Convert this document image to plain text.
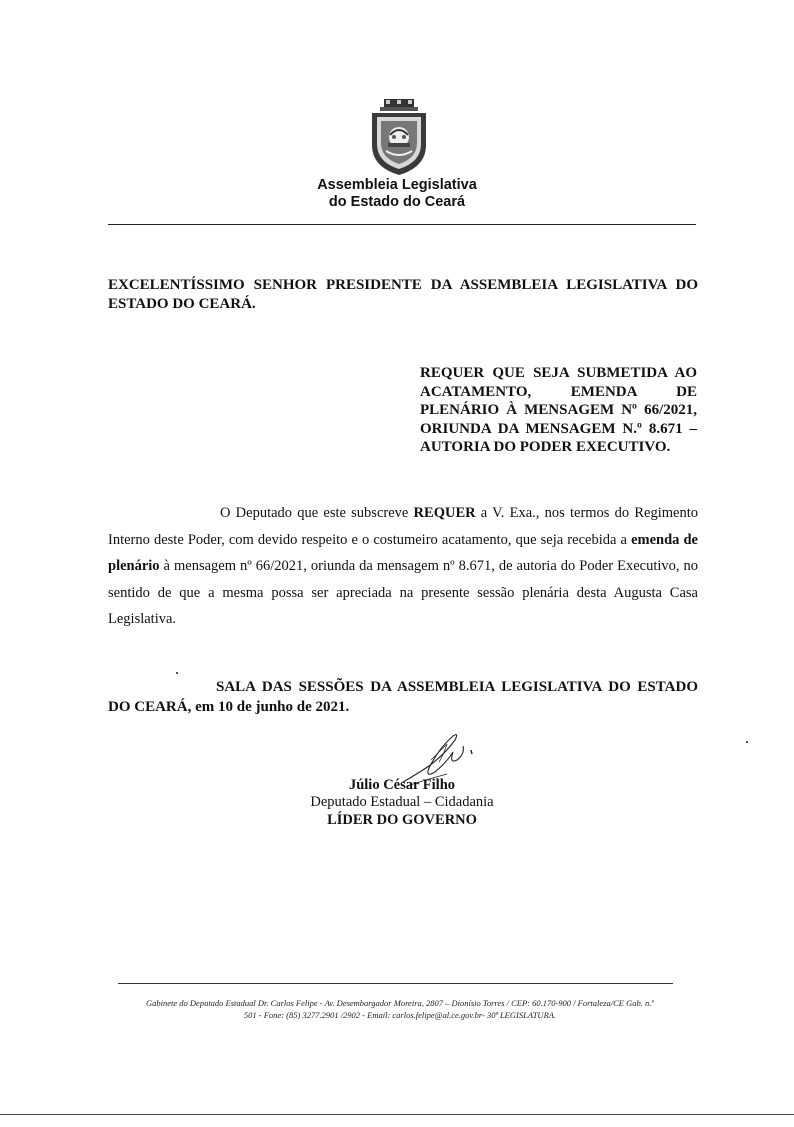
Assembleia Legislativa
do Estado do Ceará
EXCELENTÍSSIMO SENHOR PRESIDENTE DA ASSEMBLEIA LEGISLATIVA DO ESTADO DO CEARÁ.
REQUER QUE SEJA SUBMETIDA AO ACATAMENTO, EMENDA DE PLENÁRIO À MENSAGEM Nº 66/2021, ORIUNDA DA MENSAGEM N.º 8.671 – AUTORIA DO PODER EXECUTIVO.
O Deputado que este subscreve REQUER a V. Exa., nos termos do Regimento Interno deste Poder, com devido respeito e o costumeiro acatamento, que seja recebida a emenda de plenário à mensagem nº 66/2021, oriunda da mensagem nº 8.671, de autoria do Poder Executivo, no sentido de que a mesma possa ser apreciada na presente sessão plenária desta Augusta Casa Legislativa.
SALA DAS SESSÕES DA ASSEMBLEIA LEGISLATIVA DO ESTADO DO CEARÁ, em 10 de junho de 2021.
Júlio César Filho
Deputado Estadual – Cidadania
LÍDER DO GOVERNO
Gabinete do Deputado Estadual Dr. Carlos Felipe - Av. Desembargador Moreira, 2807 – Dionísio Torres / CEP: 60.170-900 / Fortaleza/CE Gab. n.º
501 - Fone: (85) 3277.2901 /2902 - Email: carlos.felipe@al.ce.gov.br- 30ª LEGISLATURA.
